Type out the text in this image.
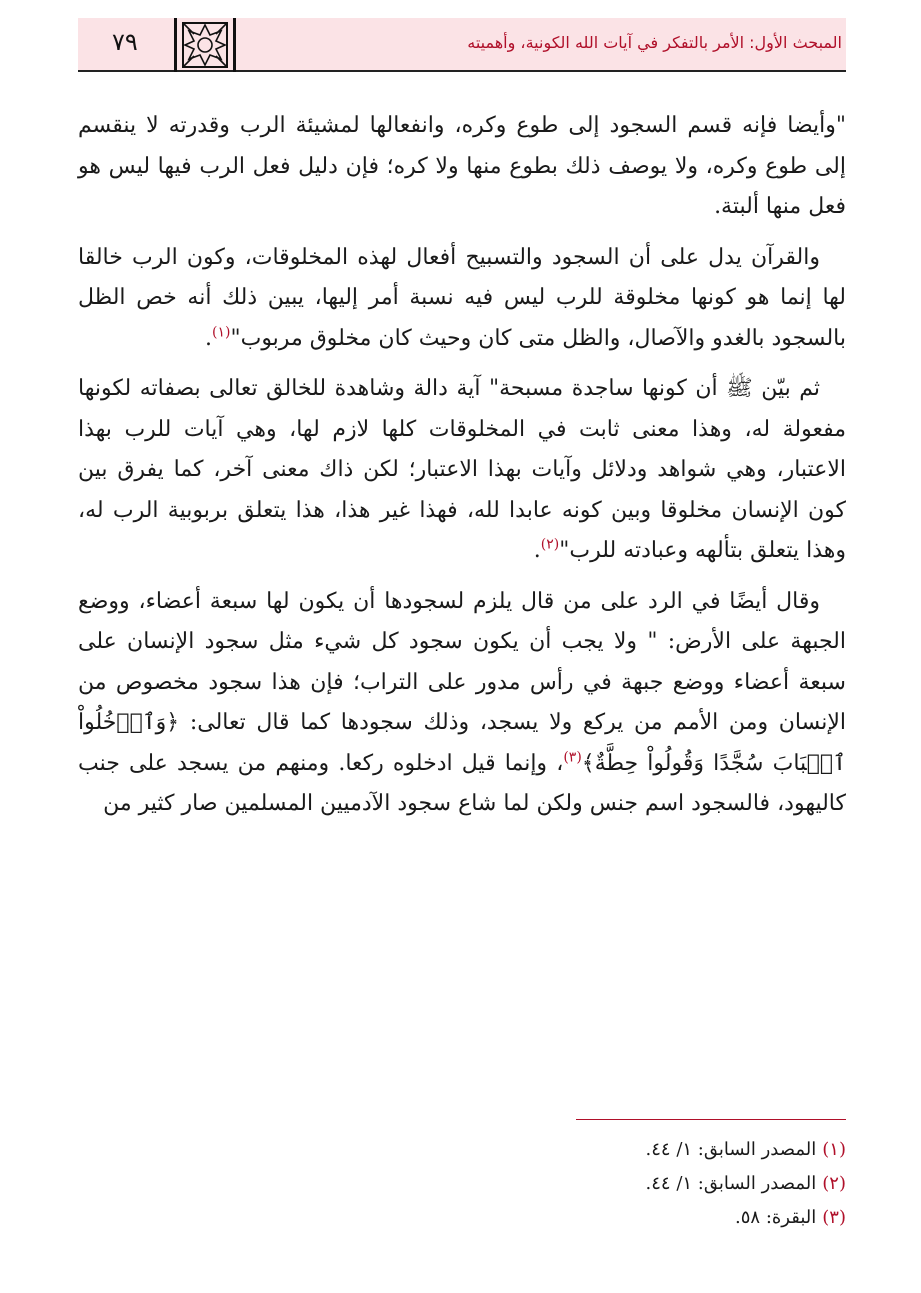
المبحث الأول: الأمر بالتفكر في آيات الله الكونية، وأهميته
٧٩

"وأيضا فإنه قسم السجود إلى طوع وكره، وانفعالها لمشيئة الرب وقدرته لا ينقسم إلى طوع وكره، ولا يوصف ذلك بطوع منها ولا كره؛ فإن دليل فعل الرب فيها ليس هو فعل منها ألبتة.

والقرآن يدل على أن السجود والتسبيح أفعال لهذه المخلوقات، وكون الرب خالقا لها إنما هو كونها مخلوقة للرب ليس فيه نسبة أمر إليها، يبين ذلك أنه خص الظل بالسجود بالغدو والآصال، والظل متى كان وحيث كان مخلوق مربوب"$^{(١)}$.

ثم بيّن ﷺ أن كونها ساجدة مسبحة" آية دالة وشاهدة للخالق تعالى بصفاته لكونها مفعولة له، وهذا معنى ثابت في المخلوقات كلها لازم لها، وهي آيات للرب بهذا الاعتبار، وهي شواهد ودلائل وآيات بهذا الاعتبار؛ لكن ذاك معنى آخر، كما يفرق بين كون الإنسان مخلوقا وبين كونه عابدا لله، فهذا غير هذا، هذا يتعلق بربوبية الرب له، وهذا يتعلق بتألهه وعبادته للرب"$^{(٢)}$.

وقال أيضًا في الرد على من قال يلزم لسجودها أن يكون لها سبعة أعضاء، ووضع الجبهة على الأرض: " ولا يجب أن يكون سجود كل شيء مثل سجود الإنسان على سبعة أعضاء ووضع جبهة في رأس مدور على التراب؛ فإن هذا سجود مخصوص من الإنسان ومن الأمم من يركع ولا يسجد، وذلك سجودها كما قال تعالى: ﴿وَٱدۡخُلُواْ ٱلۡبَابَ سُجَّدًا وَقُولُواْ حِطَّةٌ﴾$^{(٣)}$، وإنما قيل ادخلوه ركعا. ومنهم من يسجد على جنب كاليهود، فالسجود اسم جنس ولكن لما شاع سجود الآدميين المسلمين صار كثير من

(١)المصدر السابق: ١/ ٤٤.
(٢)المصدر السابق: ١/ ٤٤.
(٣)البقرة: ٥٨.
